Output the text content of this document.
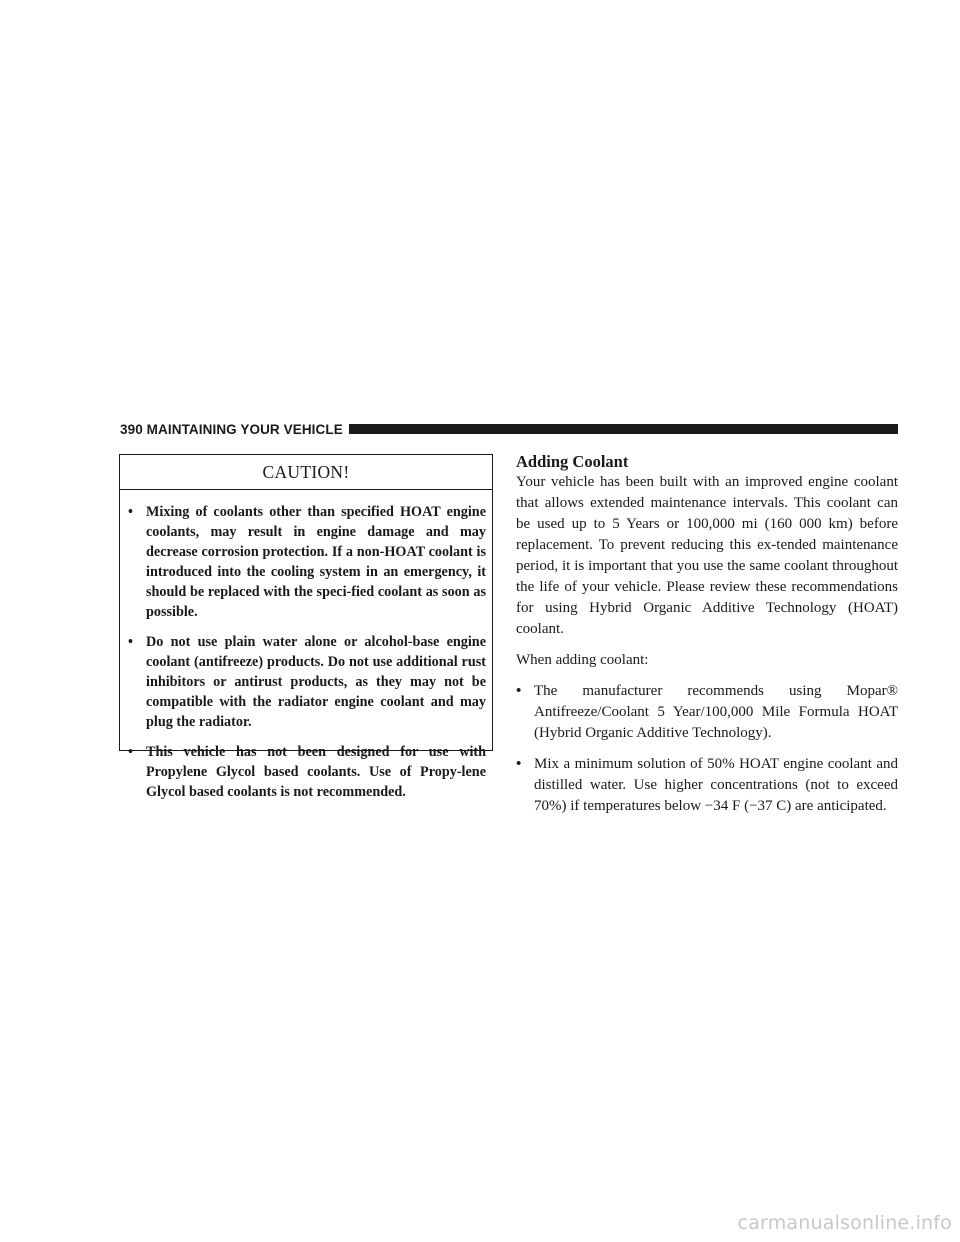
390 MAINTAINING YOUR VEHICLE
CAUTION!
• Mixing of coolants other than specified HOAT engine coolants, may result in engine damage and may decrease corrosion protection. If a non-HOAT coolant is introduced into the cooling system in an emergency, it should be replaced with the speci-fied coolant as soon as possible.
• Do not use plain water alone or alcohol-base engine coolant (antifreeze) products. Do not use additional rust inhibitors or antirust products, as they may not be compatible with the radiator engine coolant and may plug the radiator.
• This vehicle has not been designed for use with Propylene Glycol based coolants. Use of Propy-lene Glycol based coolants is not recommended.
Adding Coolant

Your vehicle has been built with an improved engine coolant that allows extended maintenance intervals. This coolant can be used up to 5 Years or 100,000 mi (160 000 km) before replacement. To prevent reducing this ex-tended maintenance period, it is important that you use the same coolant throughout the life of your vehicle. Please review these recommendations for using Hybrid Organic Additive Technology (HOAT) coolant.

When adding coolant:

• The manufacturer recommends using Mopar® Antifreeze/Coolant 5 Year/100,000 Mile Formula HOAT (Hybrid Organic Additive Technology).
• Mix a minimum solution of 50% HOAT engine coolant and distilled water. Use higher concentrations (not to exceed 70%) if temperatures below −34 F (−37 C) are anticipated.
carmanualsonline.info
